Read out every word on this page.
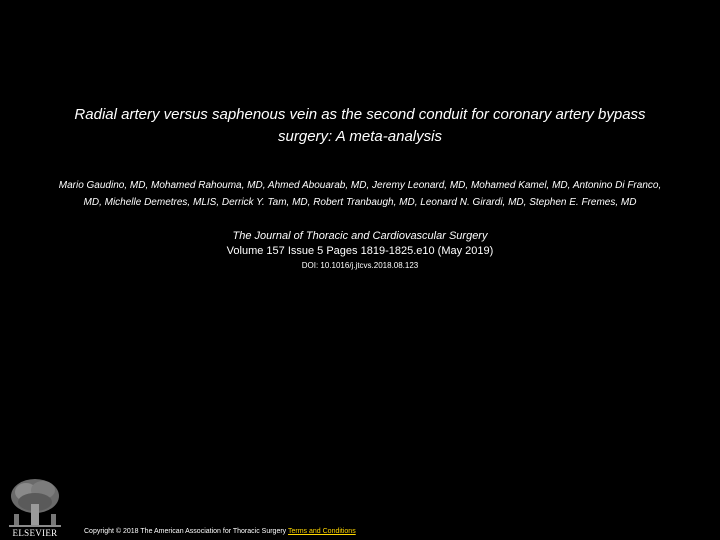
Radial artery versus saphenous vein as the second conduit for coronary artery bypass
surgery: A meta-analysis
Mario Gaudino, MD, Mohamed Rahouma, MD, Ahmed Abouarab, MD, Jeremy Leonard, MD, Mohamed Kamel, MD, Antonino Di Franco,
MD, Michelle Demetres, MLIS, Derrick Y. Tam, MD, Robert Tranbaugh, MD, Leonard N. Girardi, MD, Stephen E. Fremes, MD
The Journal of Thoracic and Cardiovascular Surgery
Volume 157 Issue 5 Pages 1819-1825.e10 (May 2019)
DOI: 10.1016/j.jtcvs.2018.08.123
ELSEVIER	Copyright © 2018 The American Association for Thoracic Surgery Terms and Conditions
